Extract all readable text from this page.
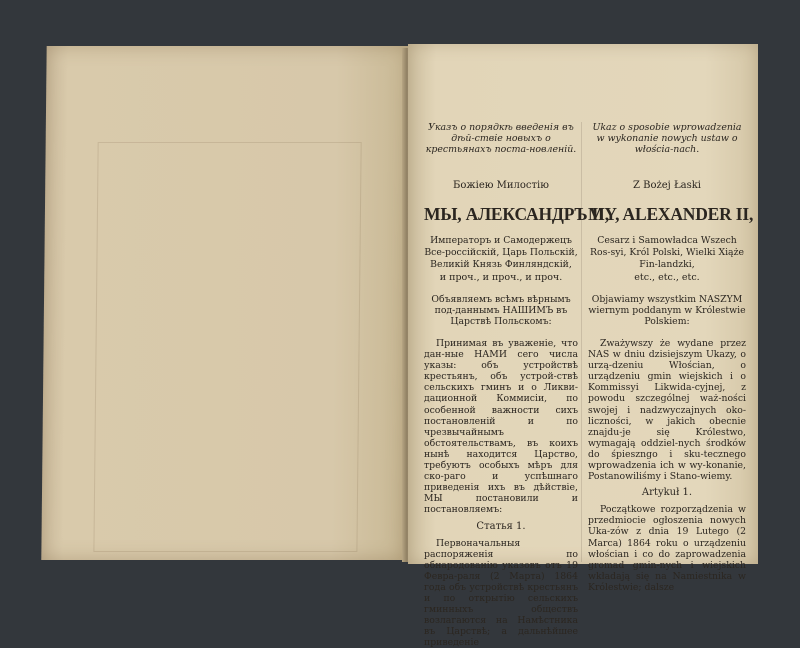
Указъ о порядкѣ введенія въ дѣй-ствіе новыхъ о крестьянахъ поста-новленій.
Божіею Милостію
МЫ, АЛЕКСАНДРЪ II,
Императоръ и Самодержецъ Все-россійскій, Царь Польскій, Великій Князь Финляндскій,
и проч., и проч., и проч.
Объявляемъ всѣмъ вѣрнымъ под-даннымъ НАШИМЪ въ Царствѣ Польскомъ:
Принимая въ уваженіе, что дан-ные НАМИ сего числа указы: объ устройствѣ крестьянъ, объ устрой-ствѣ сельскихъ гминъ и о Ликви-дационной Коммисіи, по особенной важности сихъ постановленій и по чрезвычайнымъ обстоятельствамъ, въ коихъ нынѣ находится Царство, требуютъ особыхъ мѣръ для ско-раго и успѣшнаго приведенія ихъ въ дѣйствіе, МЫ постановили и постановляемъ:
Статья 1.
Первоначальныя распоряженія по обнародованію указовъ отъ 19 Февра-раля (2 Марта) 1864 года объ устройствѣ крестьянъ и по открытію сельскихъ гминныхъ обществъ возлагаются на Намѣстника въ Царствѣ; а дальнѣйшее приведеніе
Ukaz o sposobie wprowadzenia w wykonanie nowych ustaw o włościa-nach.
Z Bożej Łaski
MY, ALEXANDER II,
Cesarz i Samowładca Wszech Ros-syi, Król Polski, Wielki Xiąże Fin-landzki,
etc., etc., etc.
Objawiamy wszystkim NASZYM wiernym poddanym w Królestwie Polskiem:
Zważywszy że wydane przez NAS w dniu dzisiejszym Ukazy, o urzą-dzeniu Włościan, o urządzeniu gmin wiejskich i o Kommissyi Likwida-cyjnej, z powodu szczególnej waż-ności swojej i nadzwyczajnych oko-liczności, w jakich obecnie znajdu-je się Królestwo, wymagają oddziel-nych środków do śpieszngo i sku-tecznego wprowadzenia ich w wy-konanie, Postanowiliśmy i Stano-wiemy.
Artykuł 1.
Początkowe rozporządzenia w przedmiocie ogłoszenia nowych Uka-zów z dnia 19 Lutego (2 Marca) 1864 roku o urządzeniu włościan i co do zaprowadzenia gromad gmin-nych i wiejskich wkładają się na Namiestnika w Królestwie; dalsze
